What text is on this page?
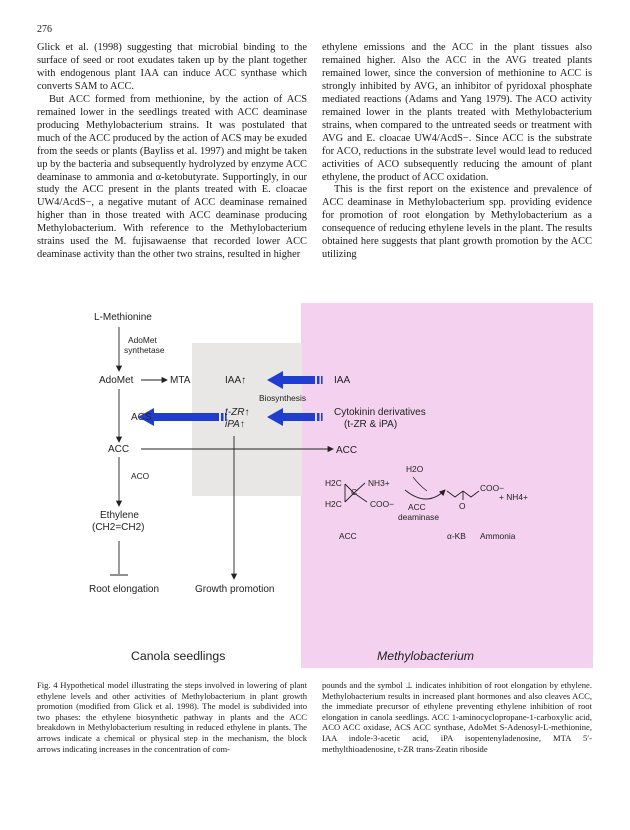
276

Glick et al. (1998) suggesting that microbial binding to the surface of seed or root exudates taken up by the plant together with endogenous plant IAA can induce ACC synthase which converts SAM to ACC.

But ACC formed from methionine, by the action of ACS remained lower in the seedlings treated with ACC deaminase producing Methylobacterium strains. It was postulated that much of the ACC produced by the action of ACS may be exuded from the seeds or plants (Bayliss et al. 1997) and might be taken up by the bacteria and subsequently hydrolyzed by enzyme ACC deaminase to ammonia and α-ketobutyrate. Supportingly, in our study the ACC present in the plants treated with E. cloacae UW4/AcdS−, a negative mutant of ACC deaminase remained higher than in those treated with ACC deaminase producing Methylobacterium. With reference to the Methylobacterium strains used the M. fujisawaense that recorded lower ACC deaminase activity than the other two strains, resulted in higher

ethylene emissions and the ACC in the plant tissues also remained higher. Also the ACC in the AVG treated plants remained lower, since the conversion of methionine to ACC is strongly inhibited by AVG, an inhibitor of pyridoxal phosphate mediated reactions (Adams and Yang 1979). The ACO activity remained lower in the plants treated with Methylobacterium strains, when compared to the untreated seeds or treatment with AVG and E. cloacae UW4/AcdS−. Since ACC is the substrate for ACO, reductions in the substrate level would lead to reduced activities of ACO subsequently reducing the amount of plant ethylene, the product of ACC oxidation.

This is the first report on the existence and prevalence of ACC deaminase in Methylobacterium spp. providing evidence for promotion of root elongation by Methylobacterium as a consequence of reducing ethylene levels in the plant. The results obtained here suggests that plant growth promotion by the ACC utilizing

L-Methionine
AdoMet
synthetase
AdoMet	MTA	IAA↑	IAA
Biosynthesis
ACS	t-ZR↑
iPA↑
Cytokinin derivatives
(t-ZR & iPA)
ACC	ACC
ACO
Ethylene
(CH2=CH2)
H2O
H2C	NH3+
C
H2C	COO− ACC
deaminase
COO−
O
+ NH4+
ACC	α-KB Ammonia
Root elongation	Growth promotion
Canola seedlings	Methylobacterium
Fig. 4 Hypothetical model illustrating the steps involved in lowering of plant ethylene levels and other activities of Methylobacterium in plant growth promotion (modified from Glick et al. 1998). The model is subdivided into two phases: the ethylene biosynthetic pathway in plants and the ACC breakdown in Methylobacterium resulting in reduced ethylene in plants. The arrows indicate a chemical or physical step in the mechanism, the block arrows indicating increases in the concentration of com-
pounds and the symbol ⊥ indicates inhibition of root elongation by ethylene. Methylobacterium results in increased plant hormones and also cleaves ACC, the immediate precursor of ethylene preventing ethylene inhibition of root elongation in canola seedlings. ACC 1-aminocyclopropane-1-carboxylic acid, ACO ACC oxidase, ACS ACC synthase, AdoMet S-Adenosyl-L-methionine, IAA indole-3-acetic acid, iPA isopentenyladenosine, MTA 5′-methylthioadenosine, t-ZR trans-Zeatin riboside
